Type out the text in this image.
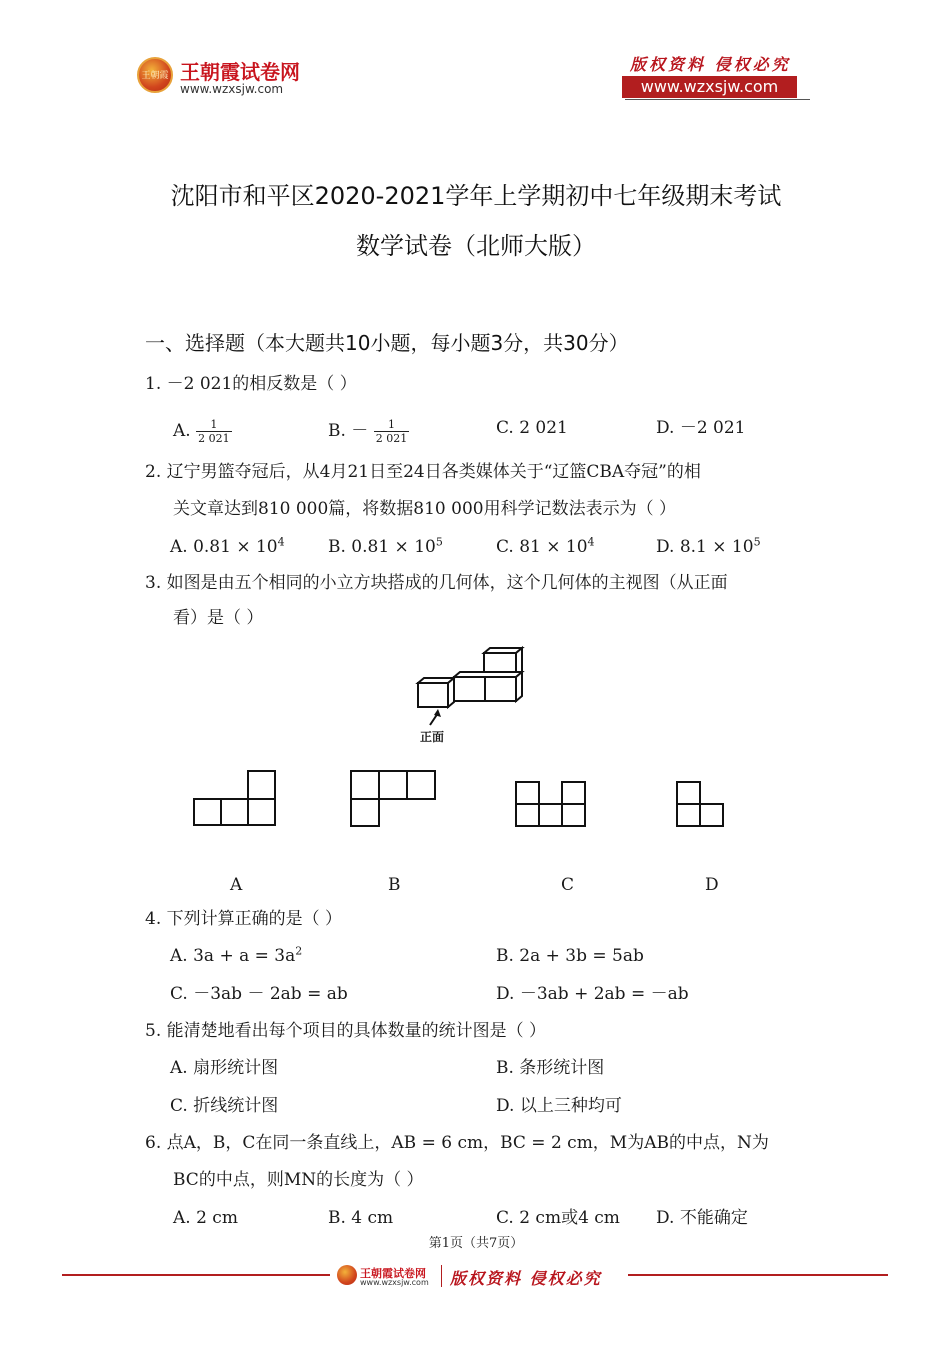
王朝霞 王朝霞试卷网
www.wzxsjw.com
版权资料 侵权必究
www.wzxsjw.com
沈阳市和平区2020-2021学年上学期初中七年级期末考试
数学试卷（北师大版）
一、选择题（本大题共10小题，每小题3分，共30分）
1. －2 021的相反数是（ ）
A. $\frac{1}{2 021}$	B. － $\frac{1}{2 021}$	C. 2 021	D. －2 021
2. 辽宁男篮夺冠后，从4月21日至24日各类媒体关于“辽篮CBA夺冠”的相
关文章达到810 000篇，将数据810 000用科学记数法表示为（ ）
A. $0.81 \times 10^4$	B. $0.81 \times 10^5$	C. $81 \times 10^4$	D. $8.1 \times 10^5$
3. 如图是由五个相同的小立方块搭成的几何体，这个几何体的主视图（从正面
看）是（ ）
正面
A	B	C	D
4. 下列计算正确的是（ ）
A. $3a + a = 3a^2$	B. 2a + 3b = 5ab
C. －3ab － 2ab = ab	D. －3ab + 2ab = －ab
5. 能清楚地看出每个项目的具体数量的统计图是（ ）
A. 扇形统计图	B. 条形统计图
C. 折线统计图	D. 以上三种均可
6. 点A，B，C在同一条直线上，AB = 6 cm，BC = 2 cm，M为AB的中点，N为
BC的中点，则MN的长度为（ ）
A. 2 cm	B. 4 cm	C. 2 cm或4 cm D. 不能确定
第1页（共7页）
王朝霞试卷网
www.wzxsjw.com 版权资料 侵权必究
